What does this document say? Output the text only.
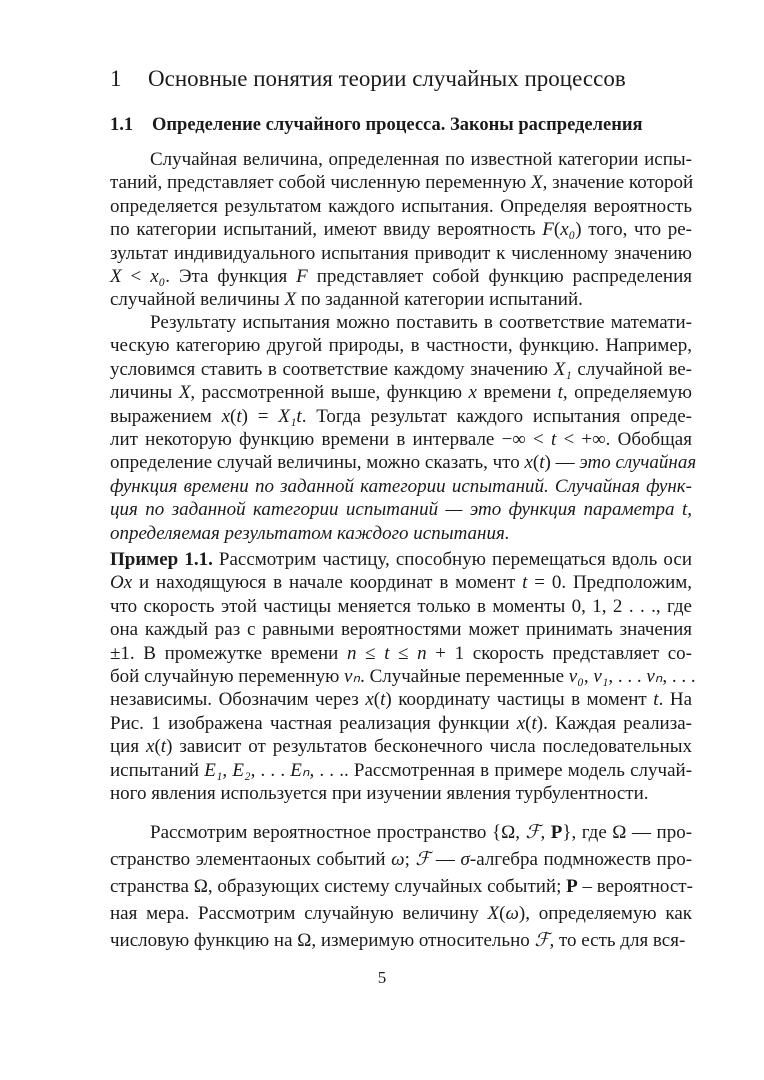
1 Основные понятия теории случайных процессов
1.1 Определение случайного процесса. Законы распределения
Случайная величина, определенная по известной категории испы-
таний, представляет собой численную переменную X, значение которой
определяется результатом каждого испытания. Определяя вероятность
по категории испытаний, имеют ввиду вероятность F(x₀) того, что ре-
зультат индивидуального испытания приводит к численному значению
X < x₀. Эта функция F представляет собой функцию распределения
случайной величины X по заданной категории испытаний.
Результату испытания можно поставить в соответствие математи-
ческую категорию другой природы, в частности, функцию. Например,
условимся ставить в соответствие каждому значению X₁ случайной ве-
личины X, рассмотренной выше, функцию x времени t, определяемую
выражением x(t) = X₁t. Тогда результат каждого испытания опреде-
лит некоторую функцию времени в интервале −∞ < t < +∞. Обобщая
определение случай величины, можно сказать, что x(t) — это случайная
функция времени по заданной категории испытаний. Случайная функ-
ция по заданной категории испытаний — это функция параметра t,
определяемая результатом каждого испытания.
Пример 1.1. Рассмотрим частицу, способную перемещаться вдоль оси
Ox и находящуюся в начале координат в момент t = 0. Предположим,
что скорость этой частицы меняется только в моменты 0, 1, 2 . . ., где
она каждый раз с равными вероятностями может принимать значения
±1. В промежутке времени n ≤ t ≤ n + 1 скорость представляет со-
бой случайную переменную vₙ. Случайные переменные v₀, v₁, . . . vₙ, . . .
независимы. Обозначим через x(t) координату частицы в момент t. На
Рис. 1 изображена частная реализация функции x(t). Каждая реализа-
ция x(t) зависит от результатов бесконечного числа последовательных
испытаний E₁, E₂, . . . Eₙ, . . .. Рассмотренная в примере модель случай-
ного явления используется при изучении явления турбулентности.
Рассмотрим вероятностное пространство {Ω, ℱ, P}, где Ω — про-
странство элементаоных событий ω; ℱ — σ-алгебра подмножеств про-
странства Ω, образующих систему случайных событий; P – вероятност-
ная мера. Рассмотрим случайную величину X(ω), определяемую как
числовую функцию на Ω, измеримую относительно ℱ, то есть для вся-
5
